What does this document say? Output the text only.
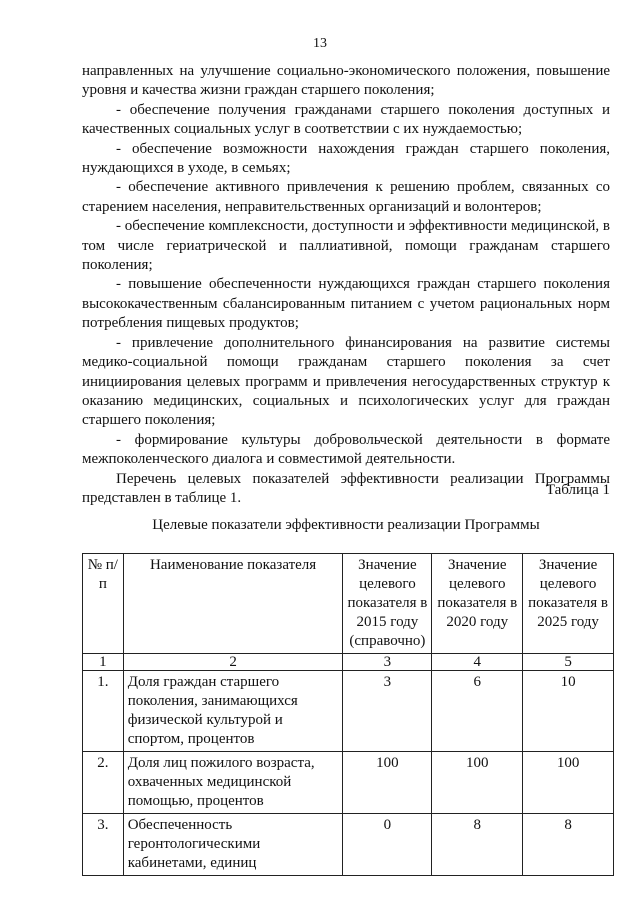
13

направленных на улучшение социально-экономического положения, повышение уровня и качества жизни граждан старшего поколения;

- обеспечение получения гражданами старшего поколения доступных и качественных социальных услуг в соответствии с их нуждаемостью;

- обеспечение возможности нахождения граждан старшего поколения, нуждающихся в уходе, в семьях;

- обеспечение активного привлечения к решению проблем, связанных со старением населения, неправительственных организаций и волонтеров;

- обеспечение комплексности, доступности и эффективности медицинской, в том числе гериатрической и паллиативной, помощи гражданам старшего поколения;

- повышение обеспеченности нуждающихся граждан старшего поколения высококачественным сбалансированным питанием с учетом рациональных норм потребления пищевых продуктов;

- привлечение дополнительного финансирования на развитие системы медико-социальной помощи гражданам старшего поколения за счет инициирования целевых программ и привлечения негосударственных структур к оказанию медицинских, социальных и психологических услуг для граждан старшего поколения;

- формирование культуры добровольческой деятельности в формате межпоколенческого диалога и совместимой деятельности.

Перечень целевых показателей эффективности реализации Программы представлен в таблице 1.	Таблица 1
Целевые показатели эффективности реализации Программы
№ п/п	Наименование показателя	Значение целевого показателя в 2015 году (справочно)	Значение целевого показателя в 2020 году	Значение целевого показателя в 2025 году
1	2	3	4	5
1.	Доля граждан старшего поколения, занимающихся физической культурой и спортом, процентов	3	6	10
2.	Доля лиц пожилого возраста, охваченных медицинской помощью, процентов	100	100	100
3.	Обеспеченность геронтологическими кабинетами, единиц	0	8	8
